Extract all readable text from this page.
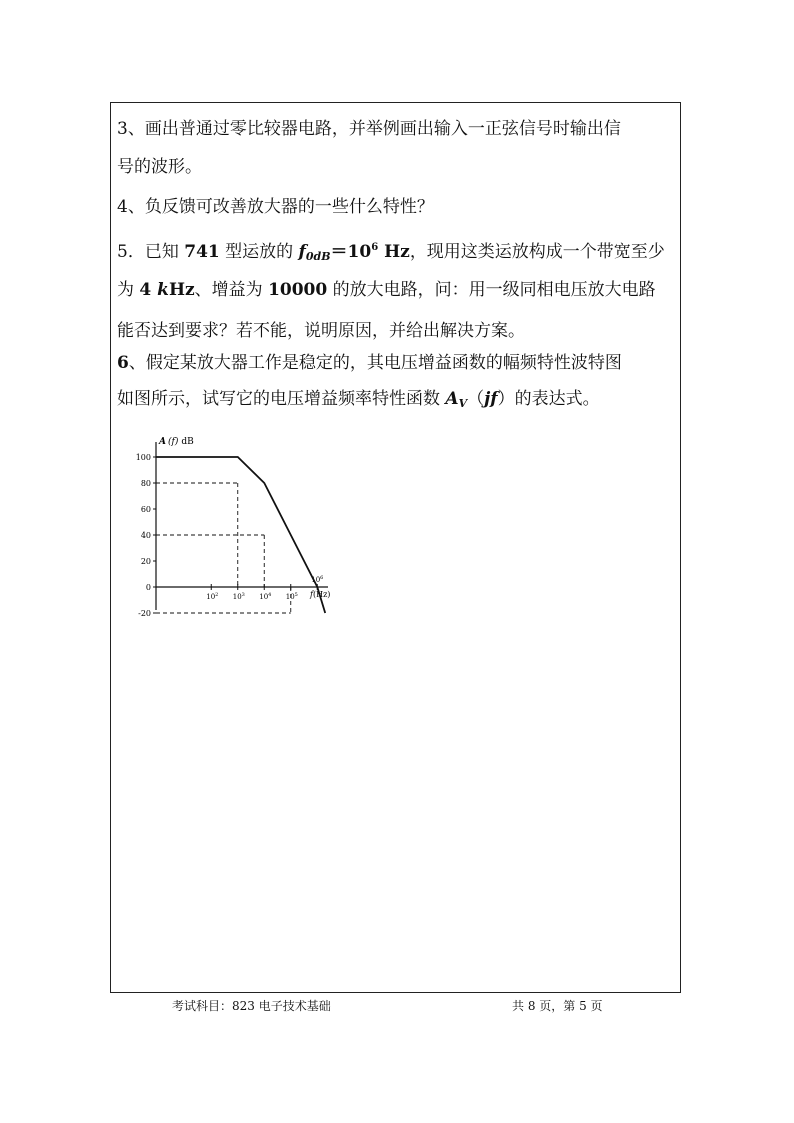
3、画出普通过零比较器电路，并举例画出输入一正弦信号时输出信
号的波形。
4、负反馈可改善放大器的一些什么特性？
5．已知 741 型运放的 $f_{0dB}=10^6$ Hz，现用这类运放构成一个带宽至少
为 4 kHz、增益为 10000 的放大电路，问：用一级同相电压放大电路
能否达到要求？若不能，说明原因，并给出解决方案。
6、假定某放大器工作是稳定的，其电压增益函数的幅频特性波特图
如图所示，试写它的电压增益频率特性函数 $A_V(jf)$的表达式。
100
80
60
40
20
0
-20
$10^2$ $10^3$ $10^4$ $10^5$
$10^6$
A (f) dB
f(Hz)
考试科目：823 电子技术基础	共 8 页，第 5 页
